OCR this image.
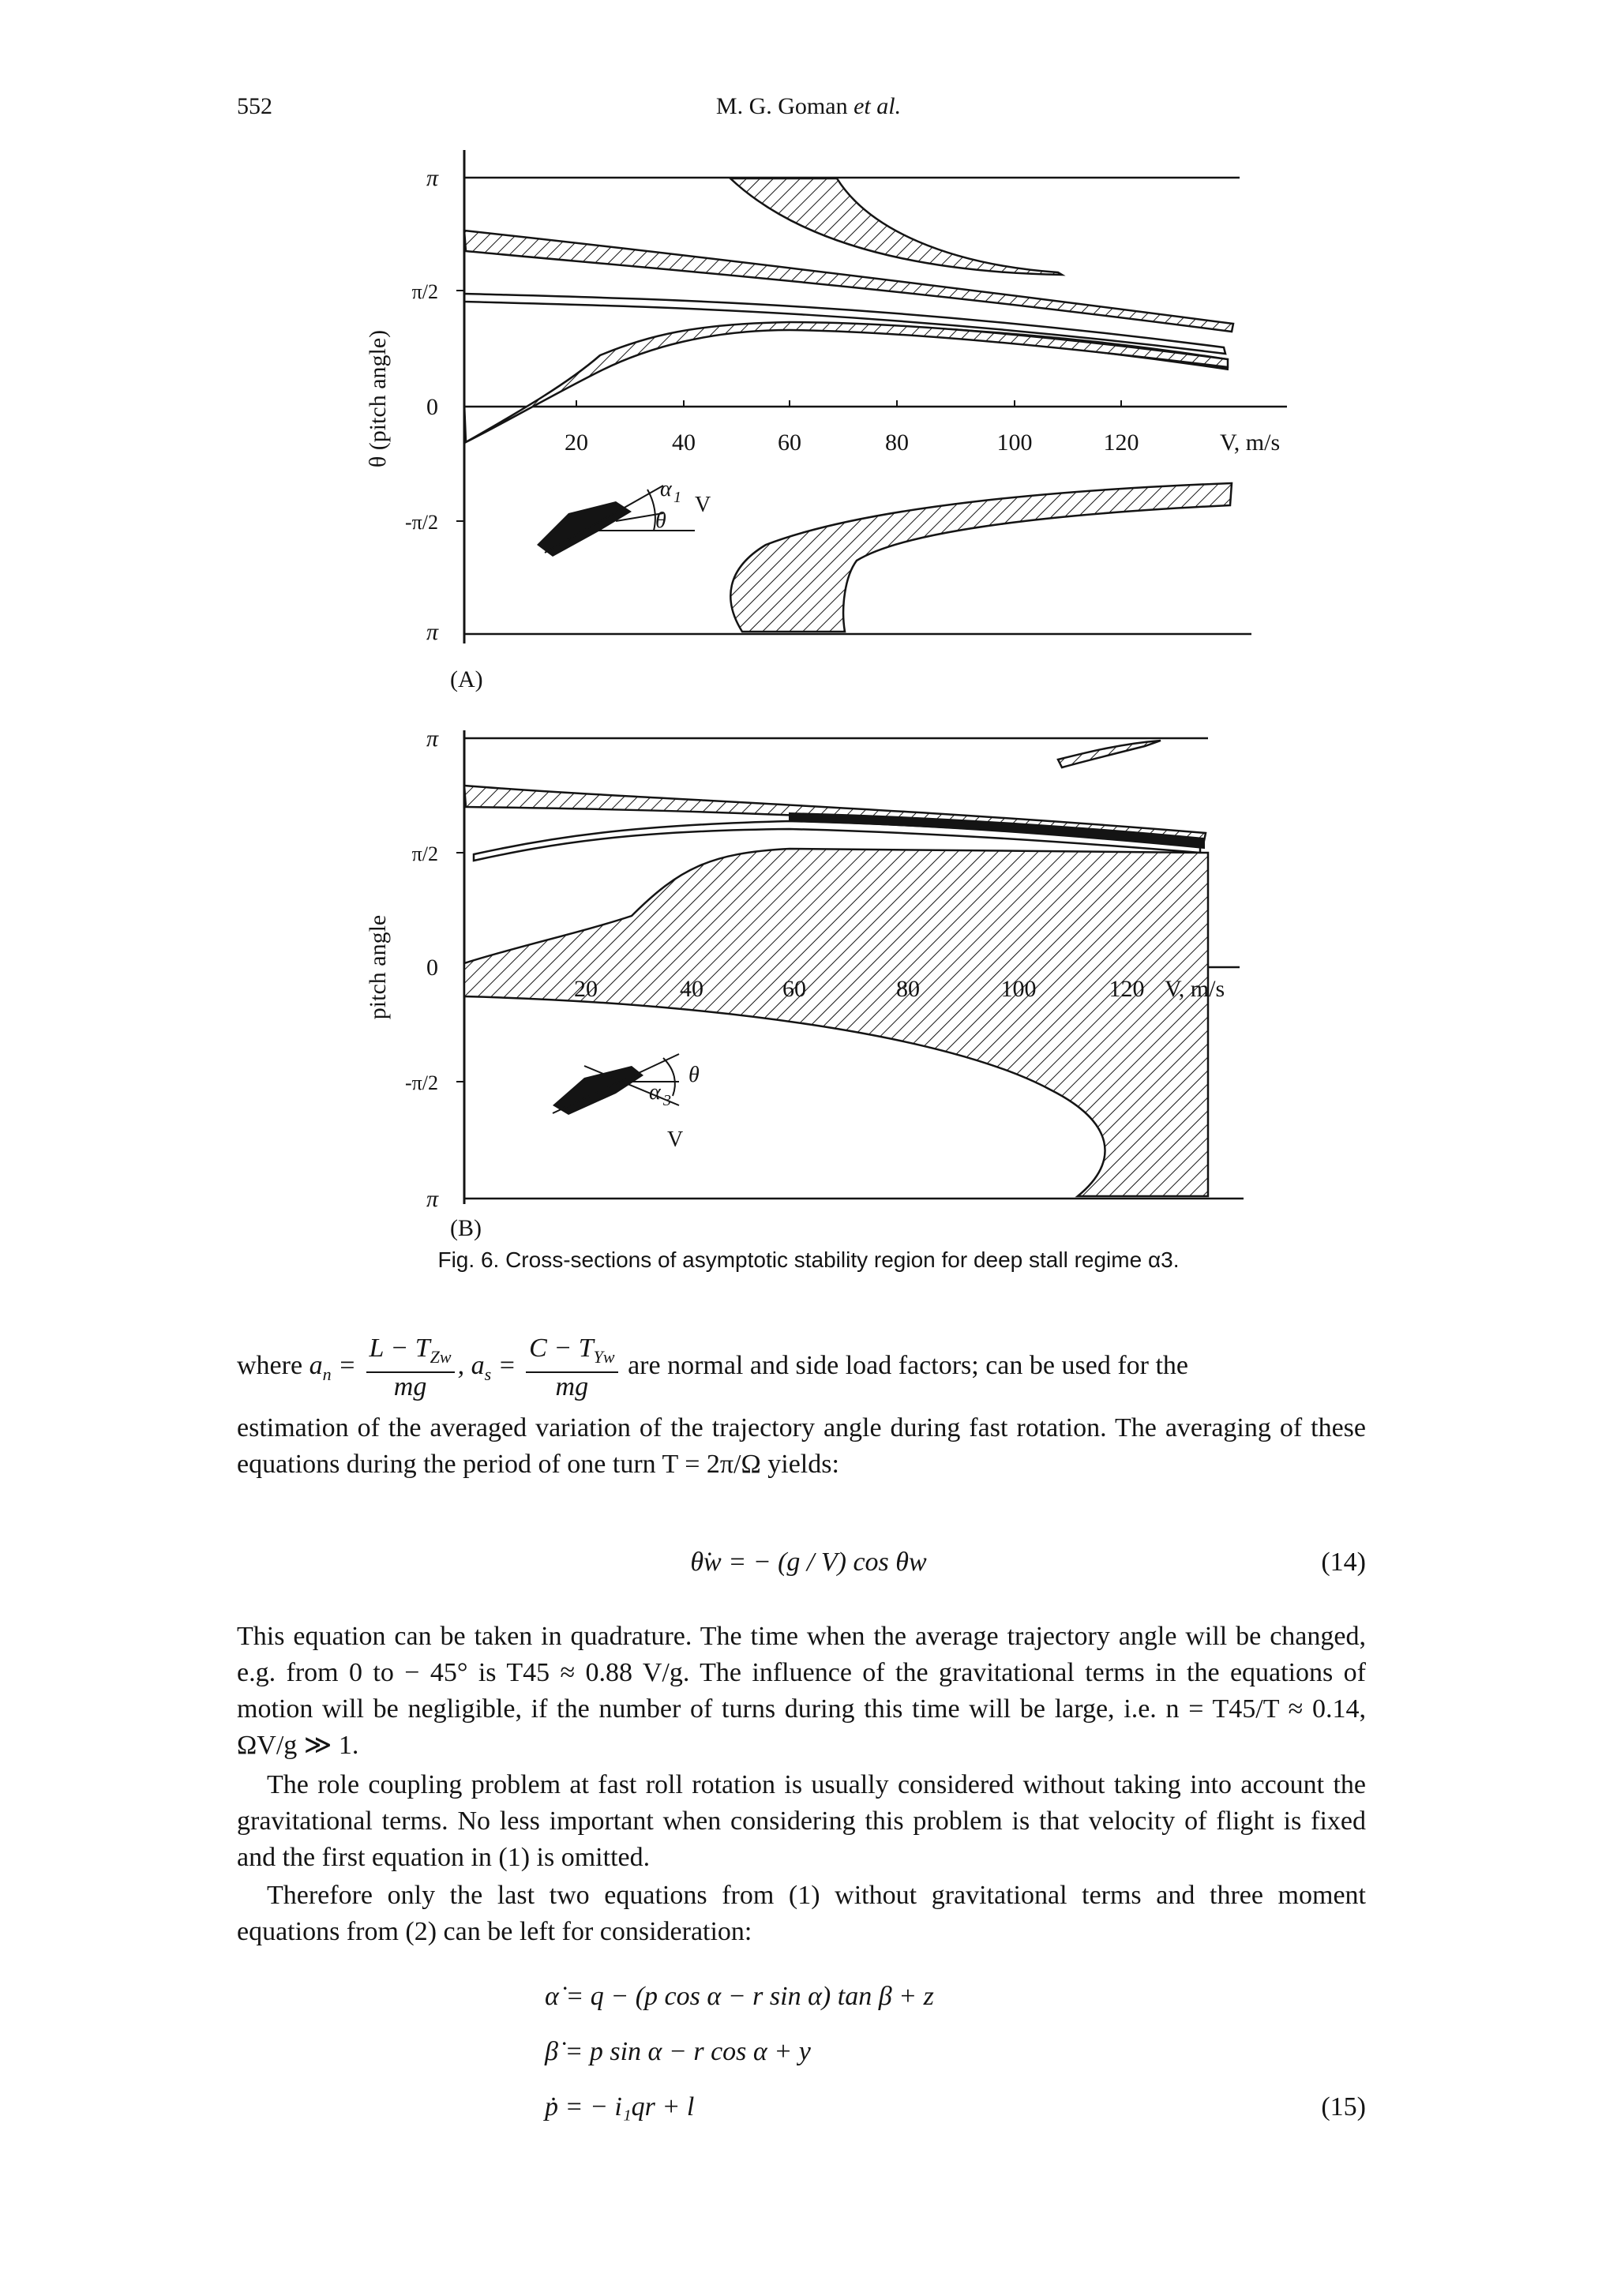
552	M. G. Goman et al.
π
π/2
0
-π/2
π
20	40	60	80	100	120	V, m/s
(A)
α 1
θ
V
θ (pitch angle)
π
π/2
0
-π/2
π
20	40	60	80	100	120 V, m/s
(B)
α 3
θ
V
pitch angle
Fig. 6. Cross-sections of asymptotic stability region for deep stall regime α3.
where $a_n = \frac{L - T_{Zw}}{mg}$ , $a_s = \frac{C - T_{Yw}}{mg}$ are normal and side load factors; can be used for the
estimation of the averaged variation of the trajectory angle during fast rotation. The averaging of these equations during the period of one turn T = 2π/Ω yields:
θ̇w = − (g / V) cos θw	(14)
This equation can be taken in quadrature. The time when the average trajectory angle will be changed, e.g. from 0 to − 45° is T45 ≈ 0.88 V/g. The influence of the gravitational terms in the equations of motion will be negligible, if the number of turns during this time will be large, i.e. n = T45/T ≈ 0.14, ΩV/g ≫ 1.
The role coupling problem at fast roll rotation is usually considered without taking into account the gravitational terms. No less important when considering this problem is that velocity of flight is fixed and the first equation in (1) is omitted.
Therefore only the last two equations from (1) without gravitational terms and three moment equations from (2) can be left for consideration:
α̇ = q − (p cos α − r sin α) tan β + z
β̇ = p sin α − r cos α + y
ṗ = − i₁qr + l	(15)
